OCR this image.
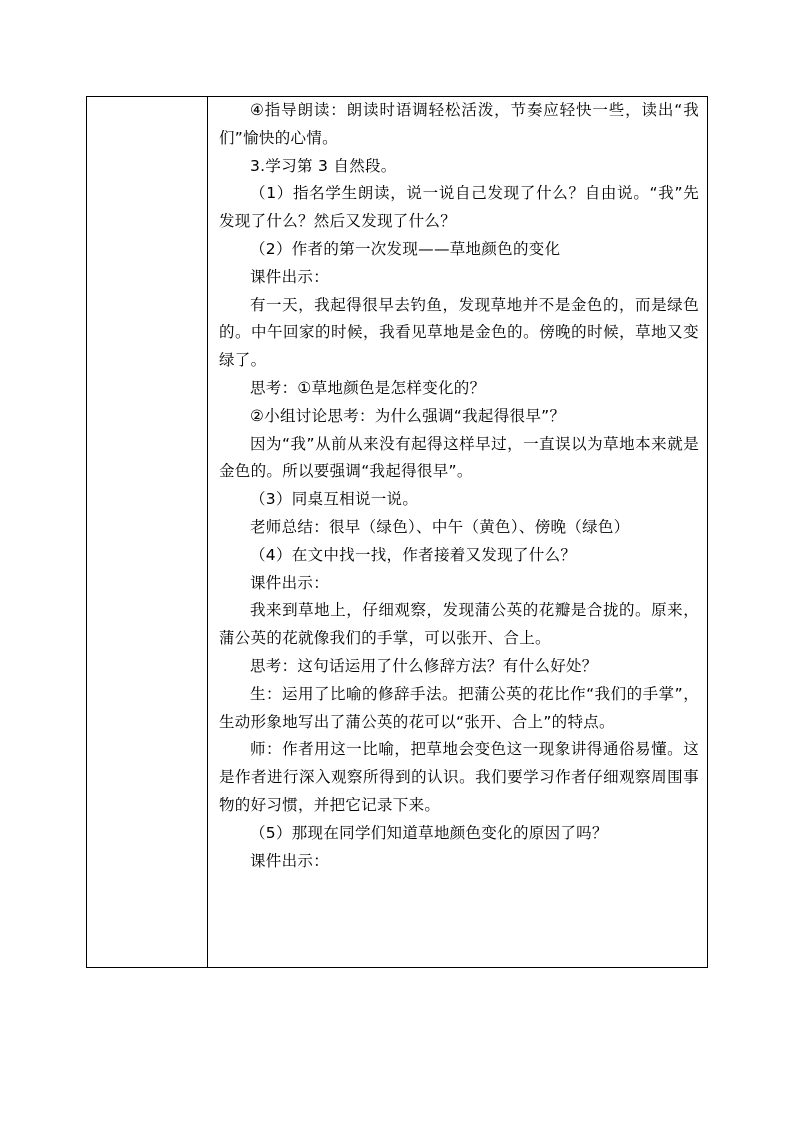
④指导朗读：朗读时语调轻松活泼，节奏应轻快一些，读出“我们”愉快的心情。

3.学习第 3 自然段。

（1）指名学生朗读，说一说自己发现了什么？自由说。“我”先发现了什么？然后又发现了什么？

（2）作者的第一次发现——草地颜色的变化

课件出示：

有一天，我起得很早去钓鱼，发现草地并不是金色的，而是绿色的。中午回家的时候，我看见草地是金色的。傍晚的时候，草地又变绿了。

思考：①草地颜色是怎样变化的？

②小组讨论思考：为什么强调“我起得很早”？

因为“我”从前从来没有起得这样早过，一直误以为草地本来就是金色的。所以要强调“我起得很早”。

（3）同桌互相说一说。

老师总结：很早（绿色）、中午（黄色）、傍晚（绿色）

（4）在文中找一找，作者接着又发现了什么？

课件出示：

我来到草地上，仔细观察，发现蒲公英的花瓣是合拢的。原来，蒲公英的花就像我们的手掌，可以张开、合上。

思考：这句话运用了什么修辞方法？有什么好处？

生：运用了比喻的修辞手法。把蒲公英的花比作“我们的手掌”，生动形象地写出了蒲公英的花可以“张开、合上”的特点。

师：作者用这一比喻，把草地会变色这一现象讲得通俗易懂。这是作者进行深入观察所得到的认识。我们要学习作者仔细观察周围事物的好习惯，并把它记录下来。

（5）那现在同学们知道草地颜色变化的原因了吗？

课件出示：
